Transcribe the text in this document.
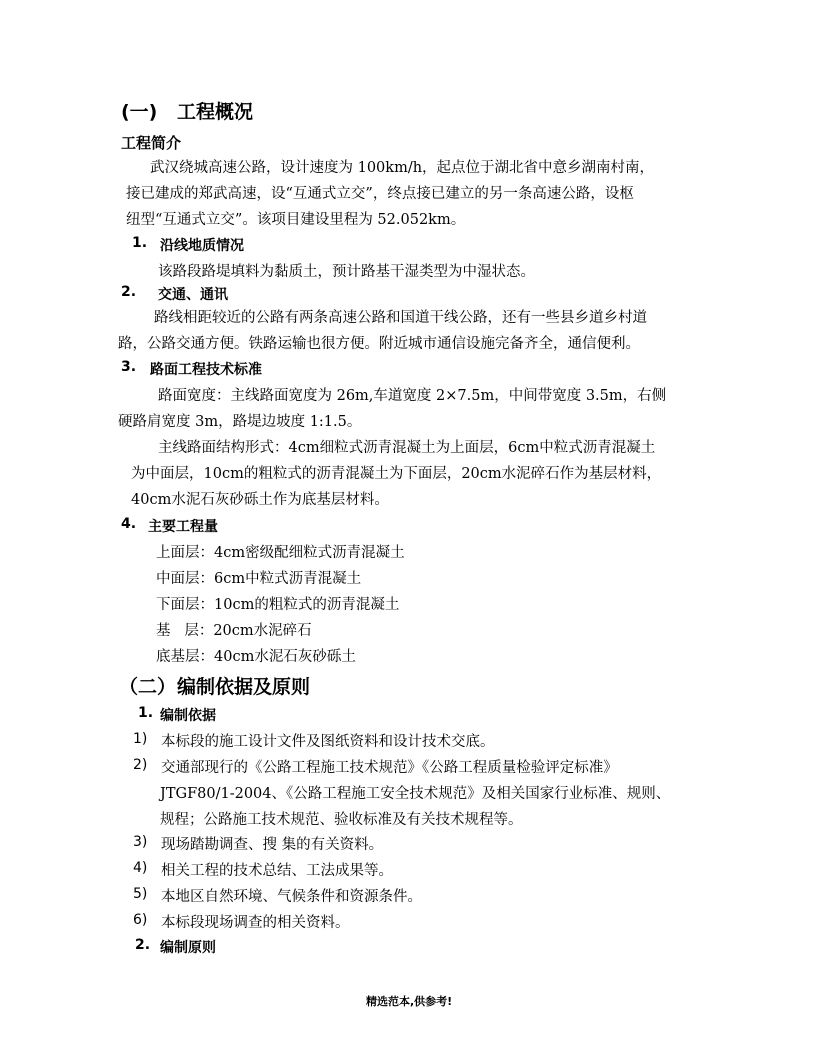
(一) 工程概况
工程简介
武汉绕城高速公路，设计速度为 100km/h，起点位于湖北省中意乡湖南村南，
接已建成的郑武高速，设“互通式立交”，终点接已建立的另一条高速公路，设枢
纽型“互通式立交”。该项目建设里程为 52.052km。
1. 沿线地质情况
该路段路堤填料为黏质土，预计路基干湿类型为中湿状态。
2. 交通、通讯
路线相距较近的公路有两条高速公路和国道干线公路，还有一些县乡道乡村道
路，公路交通方便。铁路运输也很方便。附近城市通信设施完备齐全，通信便利。
3. 路面工程技术标准
路面宽度：主线路面宽度为 26m,车道宽度 2×7.5m，中间带宽度 3.5m，右侧
硬路肩宽度 3m，路堤边坡度 1:1.5。
主线路面结构形式：4cm细粒式沥青混凝土为上面层，6cm中粒式沥青混凝土
为中面层，10cm的粗粒式的沥青混凝土为下面层，20cm水泥碎石作为基层材料，
40cm水泥石灰砂砾土作为底基层材料。
4. 主要工程量
上面层：4cm密级配细粒式沥青混凝土
中面层：6cm中粒式沥青混凝土
下面层：10cm的粗粒式的沥青混凝土
基   层：20cm水泥碎石
底基层：40cm水泥石灰砂砾土
（二） 编制依据及原则
1. 编制依据
1) 本标段的施工设计文件及图纸资料和设计技术交底。
2) 交通部现行的《公路工程施工技术规范》《公路工程质量检验评定标准》
JTGF80/1-2004、《公路工程施工安全技术规范》及相关国家行业标准、规则、
规程；公路施工技术规范、验收标准及有关技术规程等。
3) 现场踏勘调查、搜 集的有关资料。
4) 相关工程的技术总结、工法成果等。
5) 本地区自然环境、气候条件和资源条件。
6) 本标段现场调查的相关资料。
2. 编制原则
精选范本,供参考!
